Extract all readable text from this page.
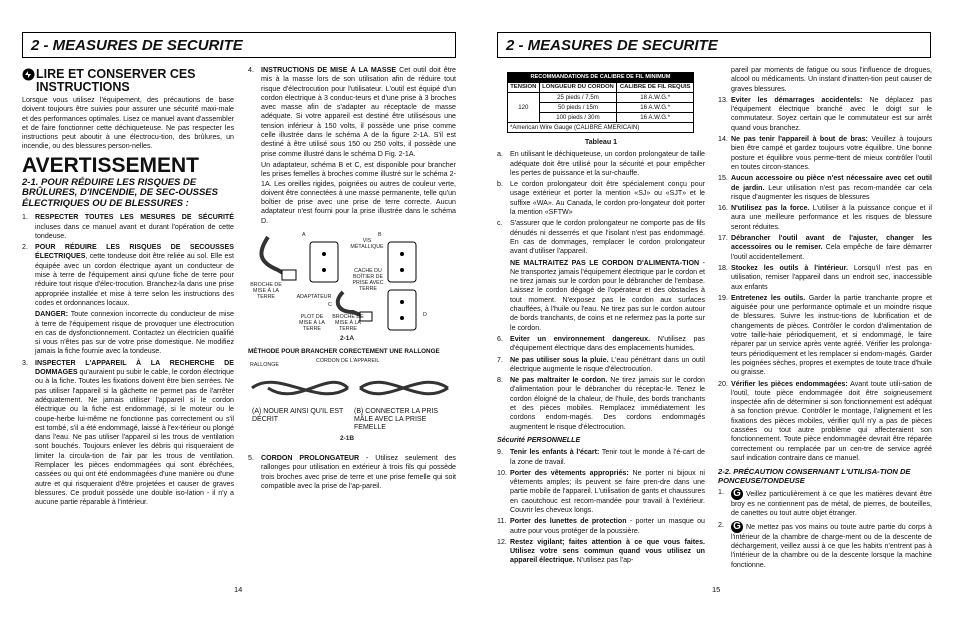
2 - MEASURES DE SECURITE
LIRE ET CONSERVER CES INSTRUCTIONS

Lorsque vous utilisez l'équipement, des précautions de base doivent toujours être suivies pour assurer une sécurité maxi-male et des performances optimales. Lisez ce manuel avant d'assembler et de faire fonctionner cette déchiqueteuse. Ne pas respecter les instructions peut aboutir à une électrocu-tion, des brûlures, un incendie, ou des blessures person-nelles.

AVERTISSEMENT
2-1. POUR RÉDUIRE LES RISQUES DE BRÛLURES, D'INCENDIE, DE SEC-OUSSES ÉLECTRIQUES OU DE BLESSURES :
1. RESPECTER TOUTES LES MESURES DE SÉCURITÉ incluses dans ce manuel avant et durant l'opération de cette tondeuse.
2. POUR RÉDUIRE LES RISQUES DE SECOUSSES ÉLECTRIQUES, cette tondeuse doit être reliée au sol. Elle est équipée avec un cordon électrique ayant un conducteur de mise à terre de l'équipement ainsi qu'une fiche de terre pour réduire tout risque d'élec-trocution. Branchez-la dans une prise appropriée installée et mise à terre selon les instructions des codes et ordonnances locaux.
DANGER: Toute connexion incorrecte du conducteur de mise à terre de l'équipement risque de provoquer une électrocution en cas de dysfonctionnement. Contactez un électricien qualifié si vous n'êtes pas sur de votre prise domestique. Ne modifiez jamais la fiche fournie avec la tondeuse.
3. INSPECTER L'APPAREIL À LA RECHERCHE DE DOMMAGES qu'auraient pu subir le cable, le cordon électrique ou à la fiche. Toutes les fixations doivent être bien serrées. Ne pas utiliser l'appareil si la gâchette ne permet pas de l'arrêter adéquatement. Ne jamais utiliser l'appareil si le cordon électrique ou la fiche est endommagé, si le moteur ou le coupe-herbe lui-même ne fonctionne pas correctement ou s'il est tombé, s'il a été endommagé, laissé à l'ex-térieur ou plongé dans l'eau. Ne pas utiliser l'appareil si les trous de ventilation sont bouchés. Toujours enlever les débris qui risqueraient de limiter la circula-tion de l'air par les trous de ventilation. Remplacer les pièces endommagées qui sont ébréchées, cassées ou qui ont été endommagées d'une manière ou d'une autre et qui risqueraient d'être projetées et causer de graves blessures. Ce produit possède une double iso-lation - il n'y a aucune partie réparable à l'intérieur.
4. INSTRUCTIONS DE MISE À LA MASSE Cet outil doit être mis à la masse lors de son utilisation afin de réduire tout risque d'électrocution pour l'utilisateur. L'outil est équipé d'un cordon électrique à 3 conduc-teurs et d'une prise à 3 broches avec masse afin de s'adapter au réceptacle de masse adéquate. Si votre appareil est destiné être utilisésous une tension inférieur à 150 volts, il possède une prise comme celle illustrée dans le schéma A de la figure 2-1A. S'il est destiné à être utilisé sous 150 ou 250 volts, il possède une prise comme illustré dans le schéma D Fig. 2-1A.
Un adaptateur, schéma B et C, est disponible pour brancher les prises femelles à broches comme illustré sur le schéma 2-1A. Les oreilles rigides, poignées ou autres de couleur verte, doivent être connectées à une masse permanente, telle qu'un boîtier de prise avec une prise de terre correcte. Aucun adaptateur n'est fourni pour la prise illustrée dans le schéma D.
A	B
C
D
BROCHE DE MISE À LA TERRE	ADAPTATEUR
VIS MÉTALLIQUE
CACHE DU BOÎTIER DE PRISE AVEC TERRE
PLOT DE MISE À LA TERRE
BROCHE DE MISE À LA TERRE
2-1A
MÉTHODE POUR BRANCHER CORECTEMENT UNE RALLONGE
RALLONGE
CORDON DE L'APPAREIL
(A) NOUER AINSI QU'IL EST DÉCRIT
(B) CONNECTER LA PRIS MÂLE AVEC LA PRISE FEMELLE
2-1B
5. CORDON PROLONGATEUR - Utilisez seulement des rallonges pour utilisation en extérieur à trois fils qui possède trois broches avec prise de terre et une prise femelle qui soit compatible avec la prise de l'ap-pareil.
14
2 - MEASURES DE SECURITE
RECOMMANDATIONS DE CALIBRE DE FIL MINIMUM		
TENSION	LONGUEUR DU CORDON	CALIBRE DE FIL REQUIS
120	25 pieds / 7,5m	18 A.W.G.*
	50 pieds / 15m	16 A.W.G.*
	100 pieds / 30m	16 A.W.G.*
*American Wire Gauge (CALIBRE AMERICAIN)		
Tableau 1
a. En utilisant le déchiqueteuse, un cordon prolongateur de taille adéquate doit être utilisé pour la sécurité et pour empêcher les pertes de puissance et la sur-chauffe.
b. Le cordon prolongateur doit être spécialement conçu pour usage extérieur et porter la mention «SJ» ou «SJT» et le suffixe «WA». Au Canada, le cordon pro-longateur doit porter la mention «SFTW»
c.	S'assurer que le cordon prolongateur ne comporte pas de fils dénudés ni desserrés et que l'isolant n'est pas endommagé. En cas de dommages, remplacer le cordon prolongateur avant d'utiliser l'appareil.
NE MALTRAITEZ PAS LE CORDON D'ALIMENTA-TION - Ne transportez jamais l'équipement électrique par le cordon et ne tirez jamais sur le cordon pour le débrancher de l'embase. Laissez le cordon dégagé de l'opérateur et des obstacles à tout moment. N'exposez pas le cordon aux surfaces chauffées, à l'huile ou l'eau. Ne tirez pas sur le cordon autour de bords tranchants, de coins et ne refermez pas la porte sur le cordon.
6. Eviter un environnement dangereux. N'utilisez pas d'équipement électrique dans des emplacements humides.
7. Ne pas utiliser sous la pluie. L'eau pénétrant dans un outil électrique augmente le risque d'électrocution.
8. Ne pas maltraiter le cordon. Ne tirez jamais sur le cordon d'alimentation pour le débrancher du réceptac-le. Tenez le cordon éloigné de la chaleur, de l'huile, des bords tranchants et des pièces mobiles. Remplacez immédiatement les cordons endom-magés. Des cordons endommagés augmentent le risque d'électrocution.
Sécurité PERSONNELLE
9. Tenir les enfants à l'écart: Tenir tout le monde à l'é-cart de la zone de travail.
10. Porter des vêtements appropriés: Ne porter ni bijoux ni vêtements amples; ils peuvent se faire pren-dre dans une partie mobile de l'appareil. L'utilisation de gants et chaussures en caoutchouc est recom-mandée pour travail à l'extérieur. Couvrir les cheveux longs.
11. Porter des lunettes de protection - porter un masque ou autre pour vous protéger de la poussière.
12. Restez vigilant; faites attention à ce que vous faites. Utilisez votre sens commun quand vous utilisez un appareil électrique. N'utilisez pas l'ap-

pareil par moments de fatigue ou sous l'influence de drogues, alcool ou médicaments. Un instant d'inatten-tion peut causer de graves blessures.

13. Eviter les démarrages accidentels: Ne déplacez pas l'équipement électrique branché avec le doigt sur le commutateur. Soyez certain que le commutateur est sur arrêt quand vous branchez.
14. Ne pas tenir l'appareil à bout de bras: Veuillez à toujours bien être campé et gardez toujours votre équilibre. Une bonne posture et équilibre vous perme-ttent de mieux contrôler l'outil en toutes circon-stances.
15. Aucun accessoire ou pièce n'est nécessaire avec cet outil de jardin. Leur utilisation n'est pas recom-mandée car cela risque d'augmenter les risques de blessures
16. N'utilisez pas la force. L'utiliser à la puissance conçue et il aura une meilleure performance et les risques de blessure seront réduites.
17. Débrancher l'outil avant de l'ajuster, changer les accessoires ou le remiser. Cela empêche de faire démarrer l'outil accidentellement.
18. Stockez les outils à l'intérieur. Lorsqu'il n'est pas en utilisation, remiser l'appareil dans un endroit sec, inaccessible aux enfants
19. Entretenez les outils. Garder la partie tranchante propre et aiguisée pour une performance optimale et un moindre risque de blessures. Suivre les instruc-tions de lubrification et de changements de pièces. Contrôler le cordon d'alimentation de votre taille-haie périodiquement, et si endommagé, le faire réparer par un service après vente agréé. Vérifier les prolonga-teurs périodiquement et les remplacer si endom-magés. Garder les poignées sèches, propres et exemptes de toute trace d'huile ou graisse.
20. Vérifier les pièces endommagées: Avant toute utili-sation de l'outil, toute pièce endommagée doit être soigneusement inspectée afin de déterminer si son fonctionnement est adéquat à sa fonction prévue. Contrôler le montage, l'alignement et les fixations des pièces mobiles, vérifier qu'il n'y a pas de pièces cassées ou tout autre problème qui affecteraient son fonctionnement. Toute pièce endommagée devrait être réparée correctement ou remplacée par un cen-tre de service agréé sauf indication contraire dans ce manuel.
2-2. PRÉCAUTION CONSERNANT L'UTILISA-TION DE PONCEUSE/TONDEUSE
1. G Veillez particulièrement à ce que les matières devant être broy es ne contiennent pas de métal, de pierres, de bouteilles, de canettes ou tout autre objet étranger.
2. G Ne mettez pas vos mains ou toute autre partie du corps à l'intérieur de la chambre de charge-ment ou de la descente de déchargement, veillez aussi à ce que les habits n'entrent pas à l'intérieur de la chambre ou de la descente lorsque la machine fonctionne.
15
